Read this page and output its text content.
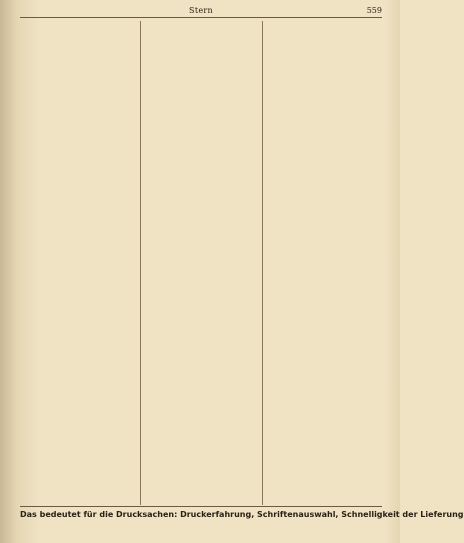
Stern	559
Das bedeutet für die Drucksachen: Druckerfahrung, Schriftenauswahl, Schnelligkeit der Lieferung
